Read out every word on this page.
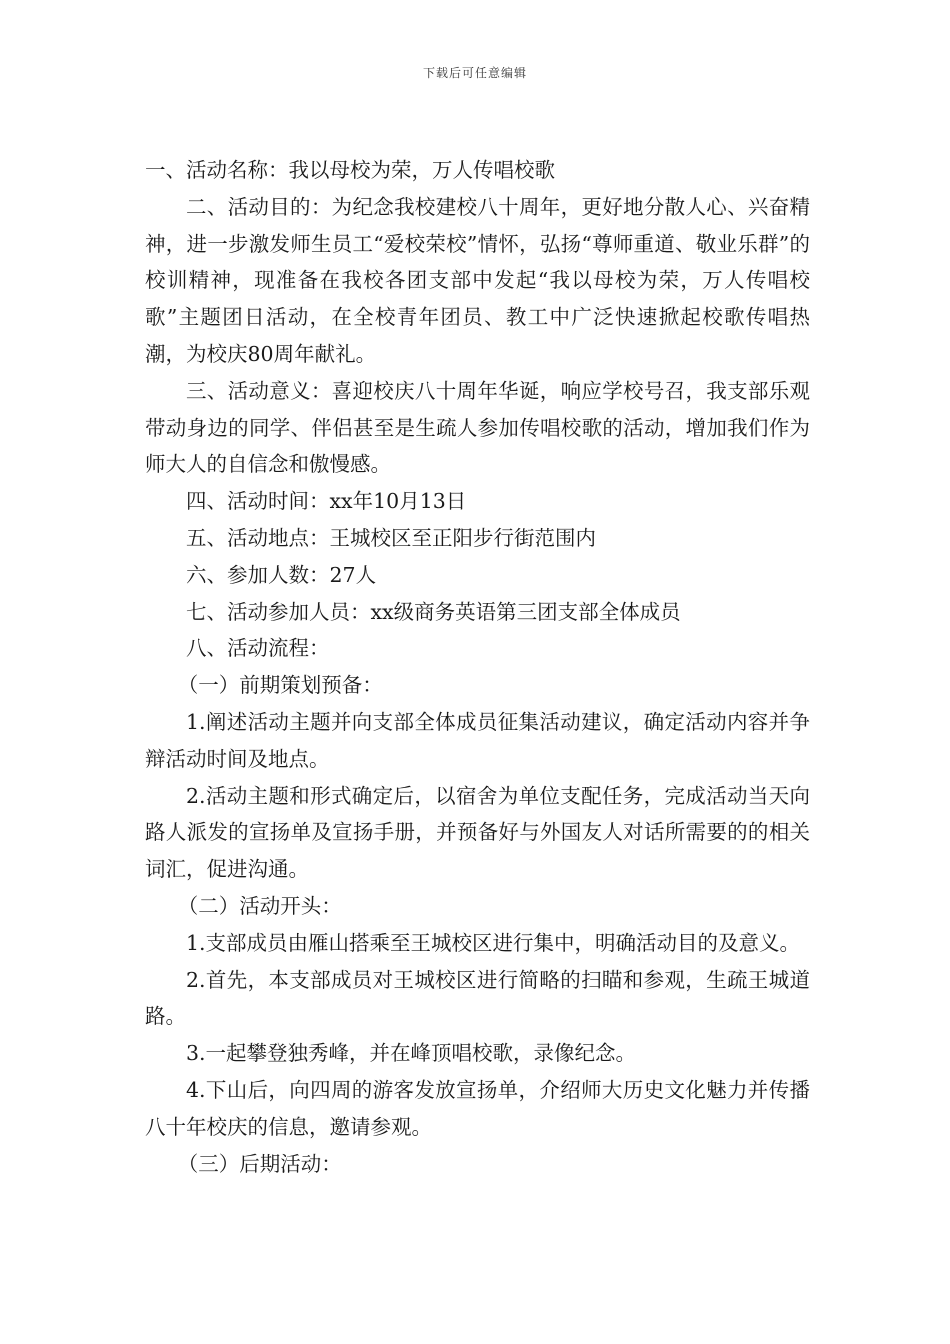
下载后可任意编辑

一、活动名称：我以母校为荣，万人传唱校歌

二、活动目的：为纪念我校建校八十周年，更好地分散人心、兴奋精神，进一步激发师生员工“爱校荣校”情怀，弘扬“尊师重道、敬业乐群”的校训精神，现准备在我校各团支部中发起“我以母校为荣，万人传唱校歌”主题团日活动，在全校青年团员、教工中广泛快速掀起校歌传唱热潮，为校庆80周年献礼。

三、活动意义：喜迎校庆八十周年华诞，响应学校号召，我支部乐观带动身边的同学、伴侣甚至是生疏人参加传唱校歌的活动，增加我们作为师大人的自信念和傲慢感。

四、活动时间：xx年10月13日

五、活动地点：王城校区至正阳步行街范围内

六、参加人数：27人

七、活动参加人员：xx级商务英语第三团支部全体成员

八、活动流程：

（一）前期策划预备：

1.阐述活动主题并向支部全体成员征集活动建议，确定活动内容并争辩活动时间及地点。

2.活动主题和形式确定后，以宿舍为单位支配任务，完成活动当天向路人派发的宣扬单及宣扬手册，并预备好与外国友人对话所需要的的相关词汇，促进沟通。

（二）活动开头：

1.支部成员由雁山搭乘至王城校区进行集中，明确活动目的及意义。

2.首先，本支部成员对王城校区进行简略的扫瞄和参观，生疏王城道路。

3.一起攀登独秀峰，并在峰顶唱校歌，录像纪念。

4.下山后，向四周的游客发放宣扬单，介绍师大历史文化魅力并传播八十年校庆的信息，邀请参观。

（三）后期活动：
